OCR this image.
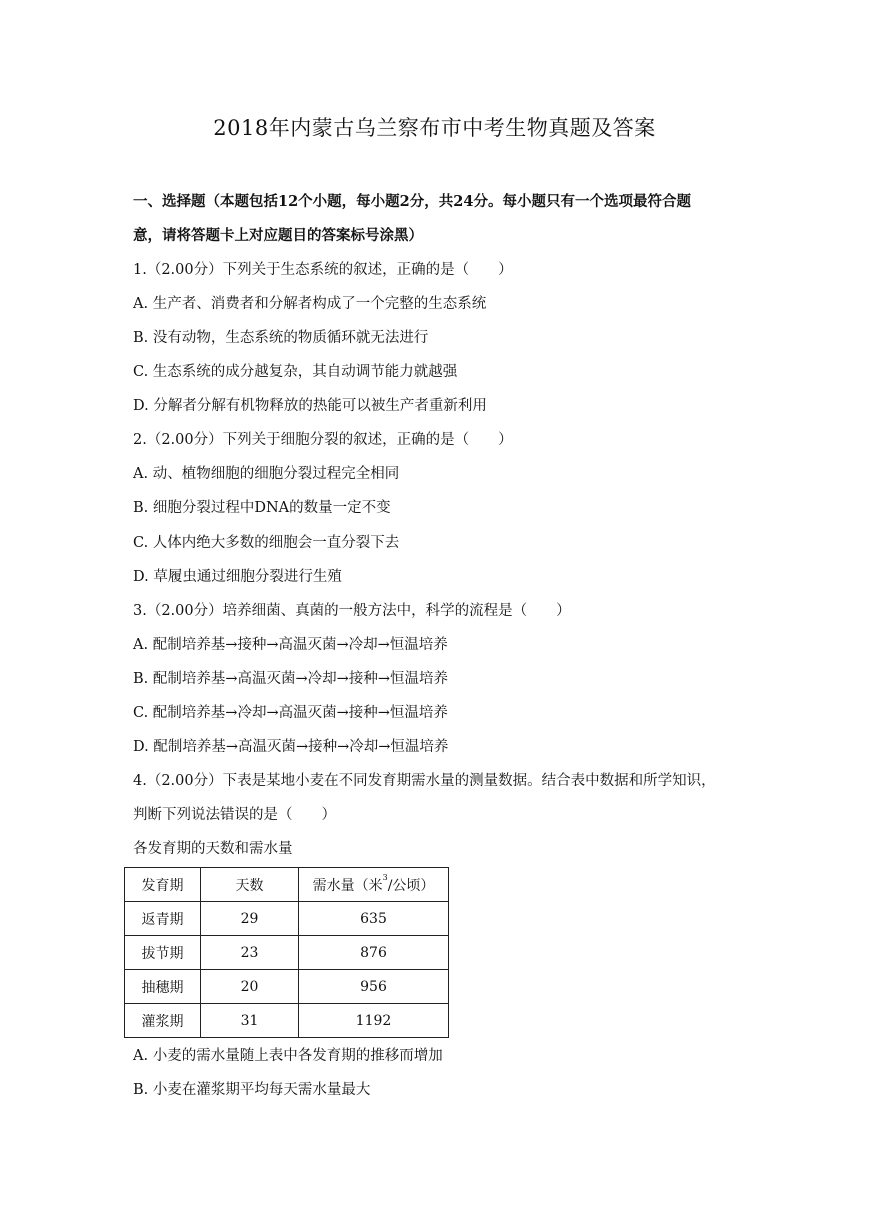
2018年内蒙古乌兰察布市中考生物真题及答案
一、选择题（本题包括12个小题，每小题2分，共24分。每小题只有一个选项最符合题
意，请将答题卡上对应题目的答案标号涂黑）
1.（2.00分）下列关于生态系统的叙述，正确的是（　　）
A. 生产者、消费者和分解者构成了一个完整的生态系统
B. 没有动物，生态系统的物质循环就无法进行
C. 生态系统的成分越复杂，其自动调节能力就越强
D. 分解者分解有机物释放的热能可以被生产者重新利用
2.（2.00分）下列关于细胞分裂的叙述，正确的是（　　）
A. 动、植物细胞的细胞分裂过程完全相同
B. 细胞分裂过程中DNA的数量一定不变
C. 人体内绝大多数的细胞会一直分裂下去
D. 草履虫通过细胞分裂进行生殖
3.（2.00分）培养细菌、真菌的一般方法中，科学的流程是（　　）
A. 配制培养基→接种→高温灭菌→冷却→恒温培养
B. 配制培养基→高温灭菌→冷却→接种→恒温培养
C. 配制培养基→冷却→高温灭菌→接种→恒温培养
D. 配制培养基→高温灭菌→接种→冷却→恒温培养
4.（2.00分）下表是某地小麦在不同发育期需水量的测量数据。结合表中数据和所学知识，
判断下列说法错误的是（　　）
各发育期的天数和需水量
发育期	天数	需水量（米$^3$/公顷）
返青期	29	635
拔节期	23	876
抽穗期	20	956
灌浆期	31	1192
A. 小麦的需水量随上表中各发育期的推移而增加
B. 小麦在灌浆期平均每天需水量最大
